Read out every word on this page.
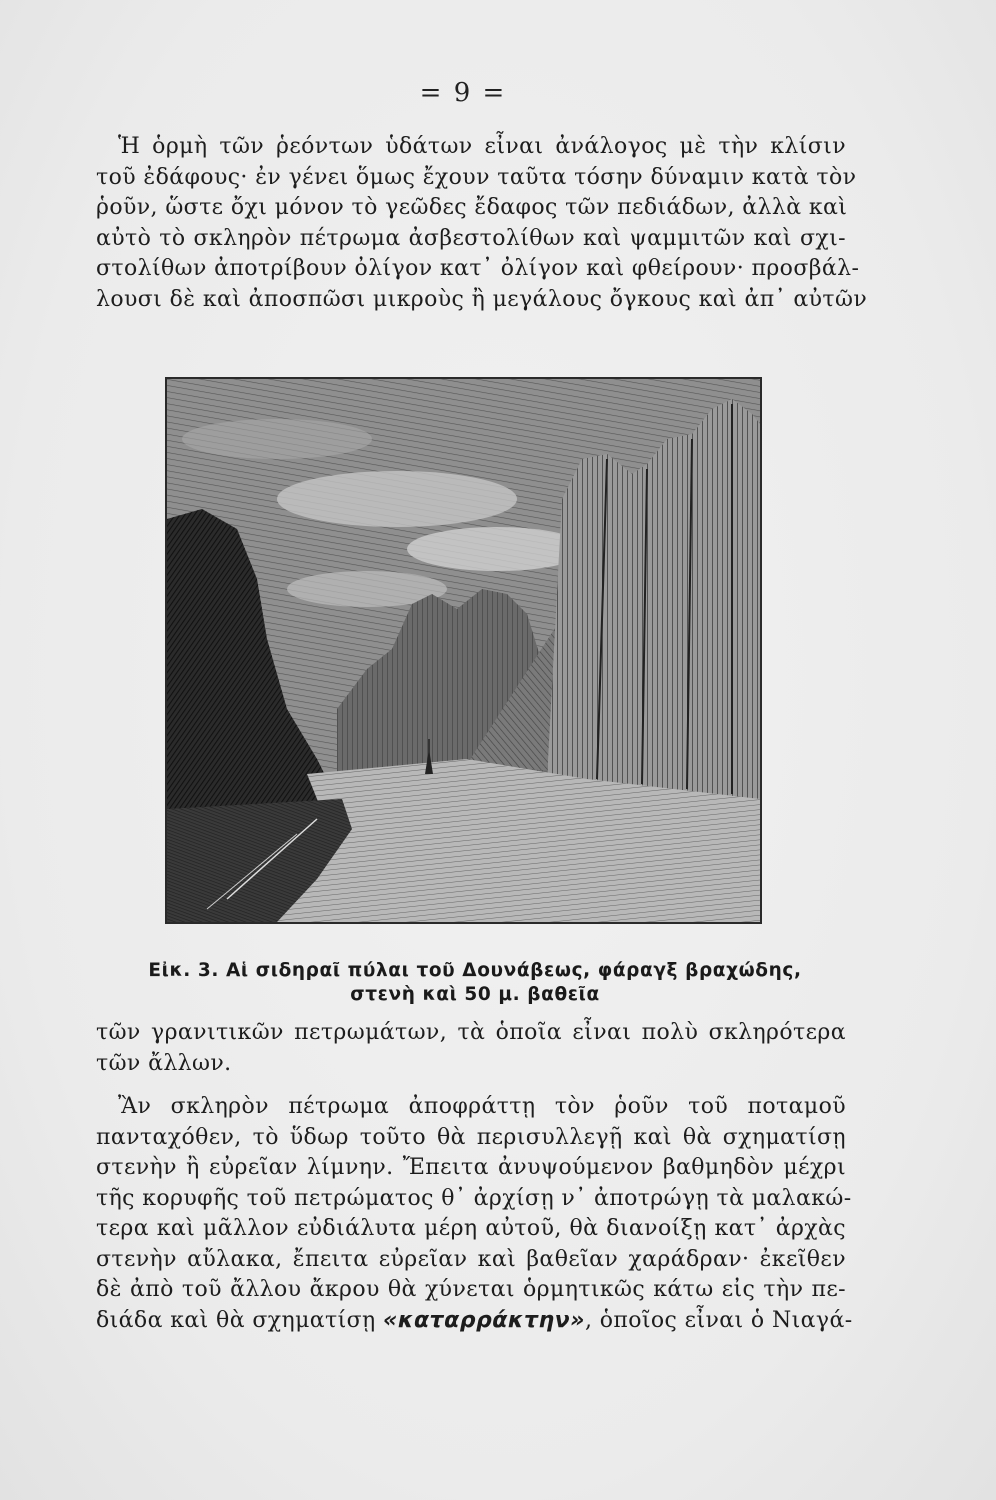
= 9 =

Ἡ ὁρμὴ τῶν ῥεόντων ὑδάτων εἶναι ἀνάλογος μὲ τὴν κλίσιν
τοῦ ἐδάφους· ἐν γένει ὅμως ἔχουν ταῦτα τόσην δύναμιν κατὰ τὸν
ῥοῦν, ὥστε ὄχι μόνον τὸ γεῶδες ἔδαφος τῶν πεδιάδων, ἀλλὰ καὶ
αὐτὸ τὸ σκληρὸν πέτρωμα ἀσβεστολίθων καὶ ψαμμιτῶν καὶ σχι-
στολίθων ἀποτρίβουν ὀλίγον κατ᾽ ὀλίγον καὶ φθείρουν· προσβάλ-
λουσι δὲ καὶ ἀποσπῶσι μικροὺς ἢ μεγάλους ὄγκους καὶ ἀπ᾽ αὐτῶν

Εἰκ. 3. Αἱ σιδηραῖ πύλαι τοῦ Δουνάβεως, φάραγξ βραχώδης,
στενὴ καὶ 50 μ. βαθεῖα

τῶν γρανιτικῶν πετρωμάτων, τὰ ὁποῖα εἶναι πολὺ σκληρότερα
τῶν ἄλλων.

Ἂν σκληρὸν πέτρωμα ἀποφράττῃ τὸν ῥοῦν τοῦ ποταμοῦ
πανταχόθεν, τὸ ὕδωρ τοῦτο θὰ περισυλλεγῇ καὶ θὰ σχηματίσῃ
στενὴν ἢ εὐρεῖαν λίμνην. Ἔπειτα ἀνυψούμενον βαθμηδὸν μέχρι
τῆς κορυφῆς τοῦ πετρώματος θ᾽ ἀρχίσῃ ν᾽ ἀποτρώγῃ τὰ μαλακώ-
τερα καὶ μᾶλλον εὐδιάλυτα μέρη αὐτοῦ, θὰ διανοίξῃ κατ᾽ ἀρχὰς
στενὴν αὔλακα, ἔπειτα εὐρεῖαν καὶ βαθεῖαν χαράδραν· ἐκεῖθεν
δὲ ἀπὸ τοῦ ἄλλου ἄκρου θὰ χύνεται ὁρμητικῶς κάτω εἰς τὴν πε-
διάδα καὶ θὰ σχηματίσῃ «καταρράκτην», ὁποῖος εἶναι ὁ Νιαγά-
